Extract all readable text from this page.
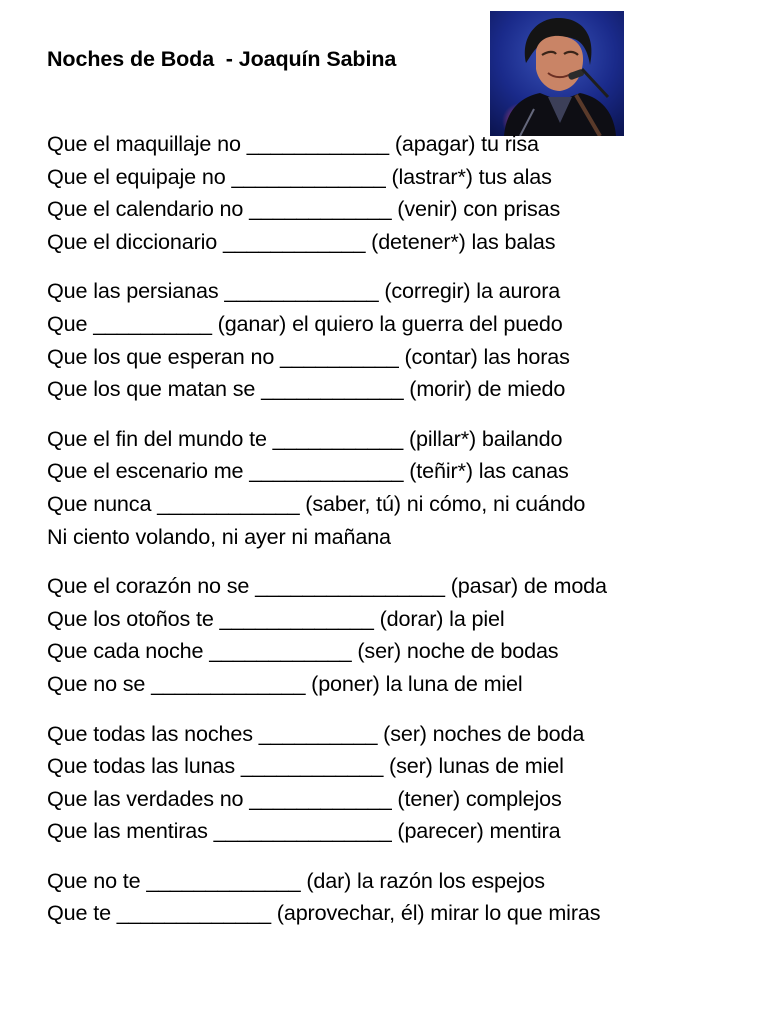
Noches de Boda  - Joaquín Sabina
Que el maquillaje no ____________ (apagar) tu risa
Que el equipaje no _____________ (lastrar*) tus alas
Que el calendario no ____________ (venir) con prisas
Que el diccionario ____________ (detener*) las balas
Que las persianas _____________ (corregir) la aurora
Que __________ (ganar) el quiero la guerra del puedo
Que los que esperan no __________ (contar) las horas
Que los que matan se ____________ (morir) de miedo
Que el fin del mundo te ___________ (pillar*) bailando
Que el escenario me _____________ (teñir*) las canas
Que nunca ____________ (saber, tú) ni cómo, ni cuándo
Ni ciento volando, ni ayer ni mañana
Que el corazón no se ________________ (pasar) de moda
Que los otoños te _____________ (dorar) la piel
Que cada noche ____________ (ser) noche de bodas
Que no se _____________ (poner) la luna de miel
Que todas las noches __________ (ser) noches de boda
Que todas las lunas ____________ (ser) lunas de miel
Que las verdades no ____________ (tener) complejos
Que las mentiras _______________ (parecer) mentira
Que no te _____________ (dar) la razón los espejos
Que te _____________ (aprovechar, él) mirar lo que miras
